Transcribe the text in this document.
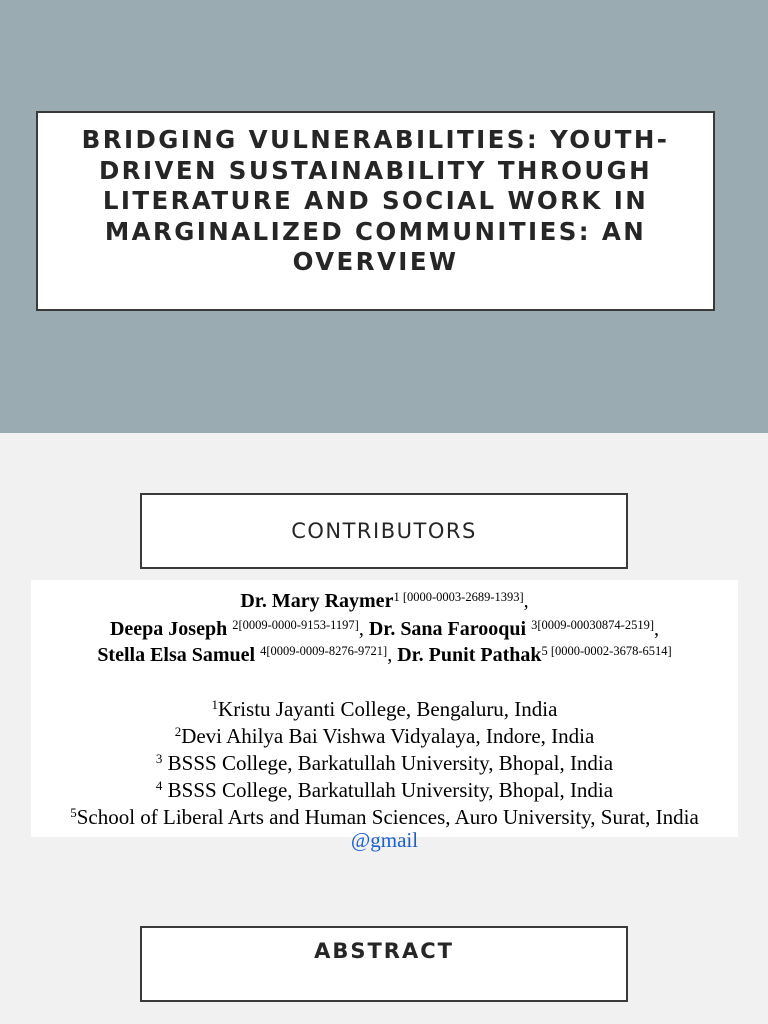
BRIDGING VULNERABILITIES: YOUTH-DRIVEN SUSTAINABILITY THROUGH LITERATURE AND SOCIAL WORK IN MARGINALIZED COMMUNITIES: AN OVERVIEW

CONTRIBUTORS
Dr. Mary Raymer$^1$ [0000-0003-2689-1393],
Deepa Joseph $^{2[0009-0000-9153-1197]}$, Dr. Sana Farooqui $^{3[0009-00030874-2519]}$,
Stella Elsa Samuel $^{4[0009-0009-8276-9721]}$, Dr. Punit Pathak$^5$ [0000-0002-3678-6514]
$^1$Kristu Jayanti College, Bengaluru, India
$^2$Devi Ahilya Bai Vishwa Vidyalaya, Indore, India
$^3$ BSSS College, Barkatullah University, Bhopal, India
$^4$ BSSS College, Barkatullah University, Bhopal, India
$^5$School of Liberal Arts and Human Sciences, Auro University, Surat, India
@gmail
ABSTRACT
